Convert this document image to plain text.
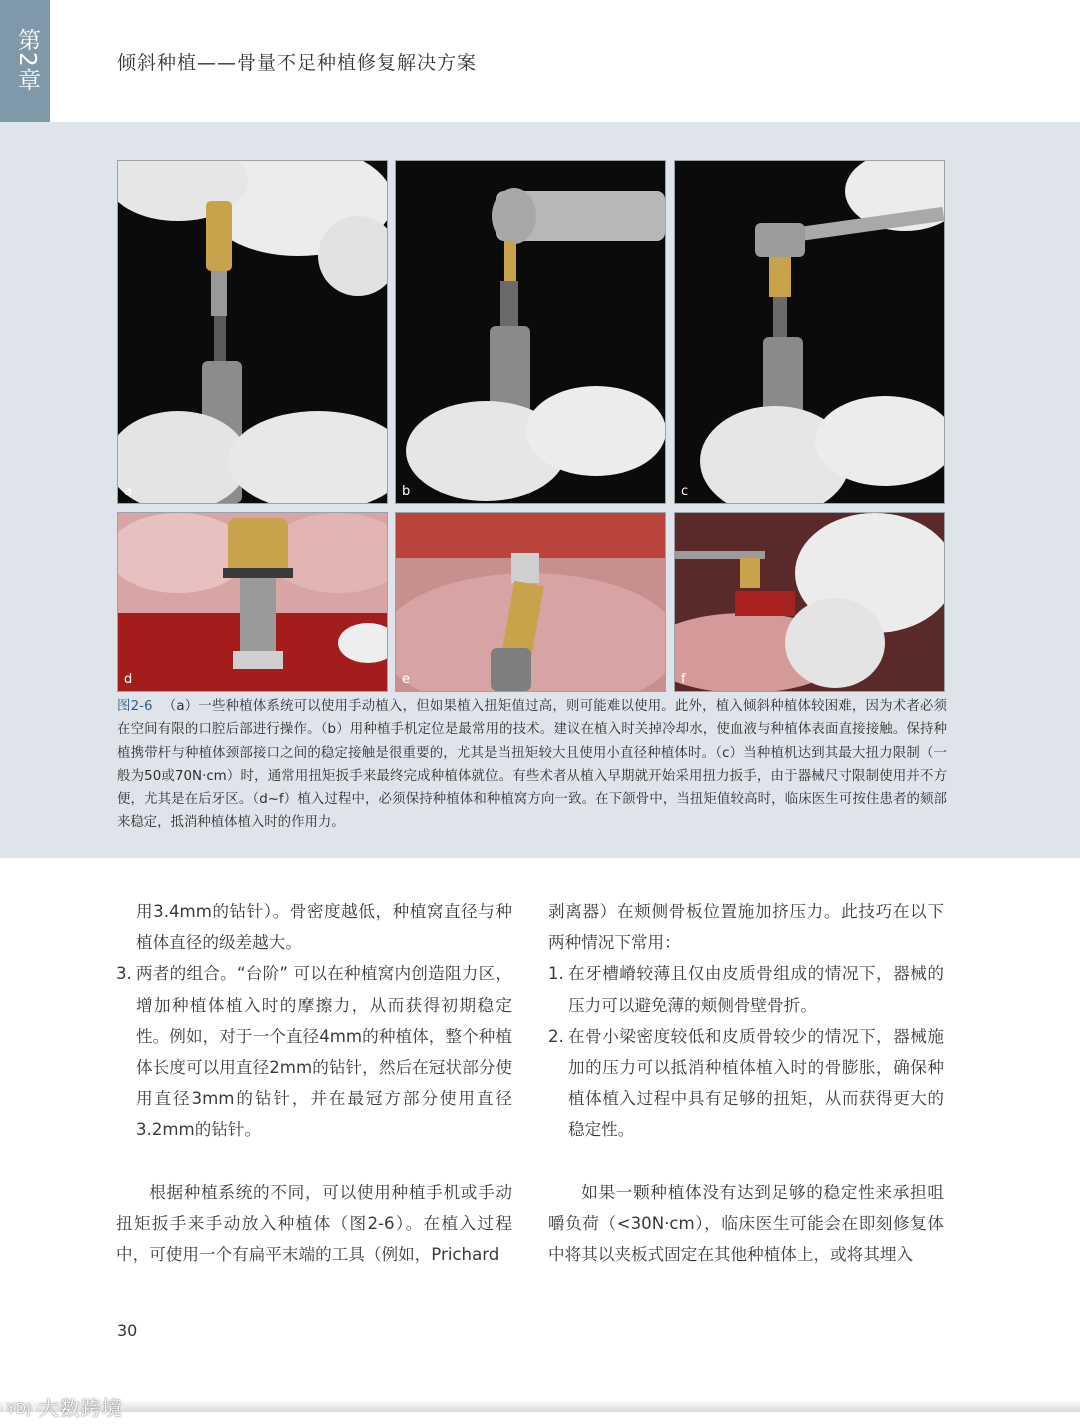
第2章	倾斜种植——骨量不足种植修复解决方案
a	b	c
d	e	f
图2-6 （a）一些种植体系统可以使用手动植入，但如果植入扭矩值过高，则可能难以使用。此外，植入倾斜种植体较困难，因为术者必须在空间有限的口腔后部进行操作。（b）用种植手机定位是最常用的技术。建议在植入时关掉冷却水，使血液与种植体表面直接接触。保持种植携带杆与种植体颈部接口之间的稳定接触是很重要的，尤其是当扭矩较大且使用小直径种植体时。（c）当种植机达到其最大扭力限制（一般为50或70N·cm）时，通常用扭矩扳手来最终完成种植体就位。有些术者从植入早期就开始采用扭力扳手，由于器械尺寸限制使用并不方便，尤其是在后牙区。（d~f）植入过程中，必须保持种植体和种植窝方向一致。在下颌骨中，当扭矩值较高时，临床医生可按住患者的颏部来稳定，抵消种植体植入时的作用力。

用3.4mm的钻针）。骨密度越低，种植窝直径与种植体直径的级差越大。

3. 两者的组合。“台阶” 可以在种植窝内创造阻力区，增加种植体植入时的摩擦力，从而获得初期稳定性。例如，对于一个直径4mm的种植体，整个种植体长度可以用直径2mm的钻针，然后在冠状部分使用直径3mm的钻针，并在最冠方部分使用直径3.2mm的钻针。

根据种植系统的不同，可以使用种植手机或手动扭矩扳手来手动放入种植体（图2-6）。在植入过程中，可使用一个有扁平末端的工具（例如，Prichard

剥离器）在颊侧骨板位置施加挤压力。此技巧在以下两种情况下常用：

1. 在牙槽嵴较薄且仅由皮质骨组成的情况下，器械的压力可以避免薄的颊侧骨壁骨折。
2. 在骨小梁密度较低和皮质骨较少的情况下，器械施加的压力可以抵消种植体植入时的骨膨胀，确保种植体植入过程中具有足够的扭矩，从而获得更大的稳定性。

如果一颗种植体没有达到足够的稳定性来承担咀嚼负荷（<30N·cm），临床医生可能会在即刻修复体中将其以夹板式固定在其他种植体上，或将其埋入

30
YDJ 大数跨境
